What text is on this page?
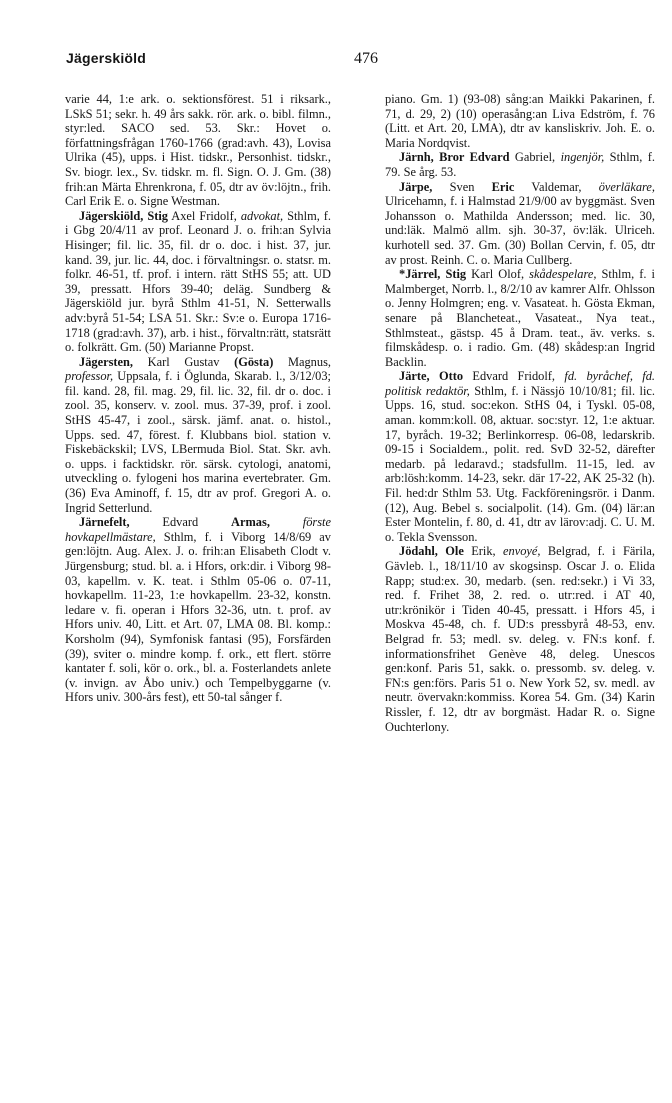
Jägerskiöld	476

varie 44, 1:e ark. o. sektionsförest. 51 i riksark., LSkS 51; sekr. h. 49 års sakk. rör. ark. o. bibl. filmn., styr:led. SACO sed. 53. Skr.: Hovet o. författningsfrågan 1760-1766 (grad:avh. 43), Lovisa Ulrika (45), upps. i Hist. tidskr., Personhist. tidskr., Sv. biogr. lex., Sv. tidskr. m. fl. Sign. O. J. Gm. (38) frih:an Märta Ehrenkrona, f. 05, dtr av öv:löjtn., frih. Carl Erik E. o. Signe Westman.

Jägerskiöld, Stig Axel Fridolf, advokat, Sthlm, f. i Gbg 20/4/11 av prof. Leonard J. o. frih:an Sylvia Hisinger; fil. lic. 35, fil. dr o. doc. i hist. 37, jur. kand. 39, jur. lic. 44, doc. i förvaltningsr. o. statsr. m. folkr. 46-51, tf. prof. i intern. rätt StHS 55; att. UD 39, pressatt. Hfors 39-40; deläg. Sundberg & Jägerskiöld jur. byrå Sthlm 41-51, N. Setterwalls adv:byrå 51-54; LSA 51. Skr.: Sv:e o. Europa 1716-1718 (grad:avh. 37), arb. i hist., förvaltn:rätt, statsrätt o. folkrätt. Gm. (50) Marianne Propst.

Jägersten, Karl Gustav (Gösta) Magnus, professor, Uppsala, f. i Öglunda, Skarab. l., 3/12/03; fil. kand. 28, fil. mag. 29, fil. lic. 32, fil. dr o. doc. i zool. 35, konserv. v. zool. mus. 37-39, prof. i zool. StHS 45-47, i zool., särsk. jämf. anat. o. histol., Upps. sed. 47, förest. f. Klubbans biol. station v. Fiskebäckskil; LVS, LBermuda Biol. Stat. Skr. avh. o. upps. i facktidskr. rör. särsk. cytologi, anatomi, utveckling o. fylogeni hos marina evertebrater. Gm. (36) Eva Aminoff, f. 15, dtr av prof. Gregori A. o. Ingrid Setterlund.

Järnefelt, Edvard Armas,	förste hovkapellmästare, Sthlm, f. i Viborg 14/8/69 av gen:löjtn. Aug. Alex. J. o. frih:an Elisabeth Clodt v. Jürgensburg; stud. bl. a. i Hfors, ork:dir. i Viborg 98-03, kapellm. v. K. teat. i Sthlm 05-06 o. 07-11, hovkapellm. 11-23, 1:e hovkapellm. 23-32, konstn. ledare v. fi. operan i Hfors 32-36, utn. t. prof. av Hfors univ. 40, Litt. et Art. 07, LMA 08. Bl. komp.: Korsholm (94), Symfonisk fantasi (95), Forsfärden (39), sviter o. mindre komp. f. ork., ett flert. större kantater f. soli, kör o. ork., bl. a. Fosterlandets anlete (v. invign. av Åbo univ.) och Tempelbyggarne (v. Hfors univ. 300-års fest), ett 50-tal sånger f.

piano. Gm. 1) (93-08) sång:an Maikki Pakarinen, f. 71, d. 29, 2) (10) operasång:an Liva Edström, f. 76 (Litt. et Art. 20, LMA), dtr av kansliskriv. Joh. E. o. Maria Nordqvist.

Järnh, Bror Edvard Gabriel, ingenjör, Sthlm, f. 79. Se årg. 53.

Järpe, Sven Eric Valdemar, överläkare, Ulricehamn, f. i Halmstad 21/9/00 av byggmäst. Sven Johansson o. Mathilda Andersson; med. lic. 30, und:läk. Malmö allm. sjh. 30-37, öv:läk. Ulriceh. kurhotell sed. 37. Gm. (30) Bollan Cervin, f. 05, dtr av prost. Reinh. C. o. Maria Cullberg.

*Järrel, Stig Karl Olof, skådespelare, Sthlm, f. i Malmberget, Norrb. l., 8/2/10 av kamrer Alfr. Ohlsson o. Jenny Holmgren; eng. v. Vasateat. h. Gösta Ekman, senare på Blancheteat., Vasateat., Nya teat., Sthlmsteat., gästsp. 45 å Dram. teat., äv. verks. s. filmskådesp. o. i radio. Gm. (48) skådesp:an Ingrid Backlin.

Järte, Otto Edvard Fridolf, fd. byråchef, fd. politisk redaktör, Sthlm, f. i Nässjö 10/10/81; fil. lic. Upps. 16, stud. soc:ekon. StHS 04, i Tyskl. 05-08, aman. komm:koll. 08, aktuar. soc:styr. 12, 1:e aktuar. 17, byråch. 19-32; Berlinkorresp. 06-08, ledarskrib. 09-15 i Socialdem., polit. red. SvD 32-52, därefter medarb. på ledaravd.; stadsfullm. 11-15, led. av arb:lösh:komm. 14-23, sekr. där 17-22, AK 25-32 (h). Fil. hed:dr Sthlm 53. Utg. Fackföreningsrör. i Danm. (12), Aug. Bebel s. socialpolit. (14). Gm. (04) lär:an Ester Montelin, f. 80, d. 41, dtr av lärov:adj. C. U. M. o. Tekla Svensson.

Jödahl, Ole Erik, envoyé, Belgrad, f. i Färila, Gävleb. l., 18/11/10 av skogsinsp. Oscar J. o. Elida Rapp; stud:ex. 30, medarb. (sen. red:sekr.) i Vi 33, red. f. Frihet 38, 2. red. o. utr:red. i AT 40, utr:krönikör i Tiden 40-45, pressatt. i Hfors 45, i Moskva 45-48, ch. f. UD:s pressbyrå 48-53, env. Belgrad fr. 53; medl. sv. deleg. v. FN:s konf. f. informationsfrihet Genève 48, deleg. Unescos gen:konf. Paris 51, sakk. o. pressomb. sv. deleg. v. FN:s gen:förs. Paris 51 o. New York 52, sv. medl. av neutr. övervakn:kommiss. Korea 54. Gm. (34) Karin Rissler, f. 12, dtr av borgmäst. Hadar R. o. Signe Ouchterlony.
